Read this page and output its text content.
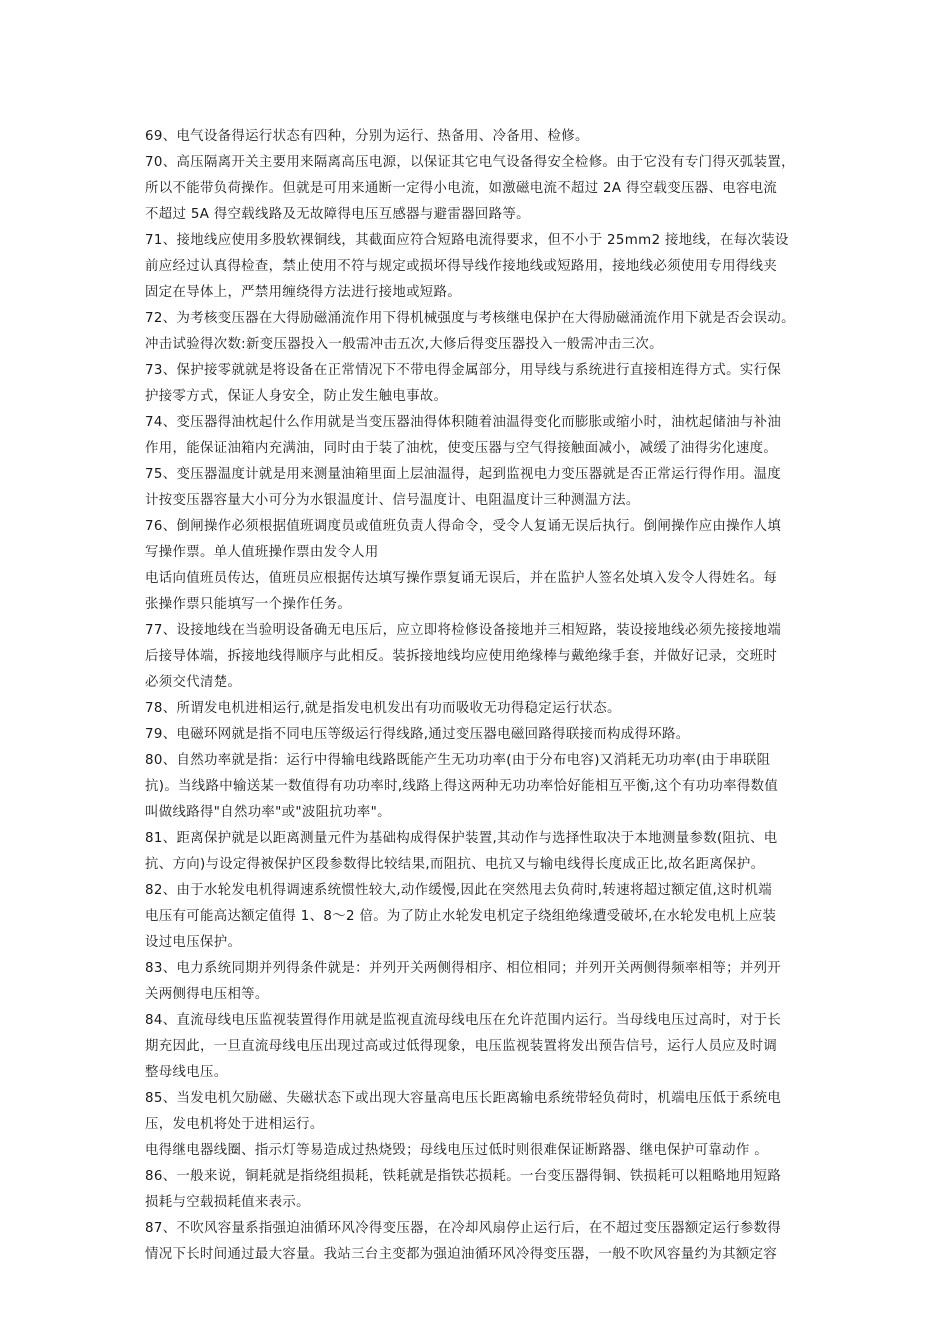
69、电气设备得运行状态有四种，分别为运行、热备用、冷备用、检修。
70、高压隔离开关主要用来隔离高压电源，以保证其它电气设备得安全检修。由于它没有专门得灭弧装置，
所以不能带负荷操作。但就是可用来通断一定得小电流，如激磁电流不超过 2A 得空载变压器、电容电流
不超过 5A 得空载线路及无故障得电压互感器与避雷器回路等。
71、接地线应使用多股软裸铜线，其截面应符合短路电流得要求，但不小于 25mm2 接地线，在每次装设
前应经过认真得检查，禁止使用不符与规定或损坏得导线作接地线或短路用，接地线必须使用专用得线夹
固定在导体上，严禁用缠绕得方法进行接地或短路。
72、为考核变压器在大得励磁涌流作用下得机械强度与考核继电保护在大得励磁涌流作用下就是否会误动。
冲击试验得次数:新变压器投入一般需冲击五次,大修后得变压器投入一般需冲击三次。
73、保护接零就就是将设备在正常情况下不带电得金属部分，用导线与系统进行直接相连得方式。实行保
护接零方式，保证人身安全，防止发生触电事故。
74、变压器得油枕起什么作用就是当变压器油得体积随着油温得变化而膨胀或缩小时，油枕起储油与补油
作用，能保证油箱内充满油，同时由于装了油枕，使变压器与空气得接触面减小，减缓了油得劣化速度。
75、变压器温度计就是用来测量油箱里面上层油温得，起到监视电力变压器就是否正常运行得作用。温度
计按变压器容量大小可分为水银温度计、信号温度计、电阻温度计三种测温方法。
76、倒闸操作必须根据值班调度员或值班负责人得命令，受令人复诵无误后执行。倒闸操作应由操作人填
写操作票。单人值班操作票由发令人用
电话向值班员传达，值班员应根据传达填写操作票复诵无误后，并在监护人签名处填入发令人得姓名。每
张操作票只能填写一个操作任务。
77、设接地线在当验明设备确无电压后，应立即将检修设备接地并三相短路，装设接地线必须先接接地端
后接导体端，拆接地线得顺序与此相反。装拆接地线均应使用绝缘棒与戴绝缘手套，并做好记录，交班时
必须交代清楚。
78、所谓发电机进相运行,就是指发电机发出有功而吸收无功得稳定运行状态。
79、电磁环网就是指不同电压等级运行得线路,通过变压器电磁回路得联接而构成得环路。
80、自然功率就是指：运行中得输电线路既能产生无功功率(由于分布电容)又消耗无功功率(由于串联阻
抗)。当线路中输送某一数值得有功功率时,线路上得这两种无功功率恰好能相互平衡,这个有功功率得数值
叫做线路得"自然功率"或"波阻抗功率"。
81、距离保护就是以距离测量元件为基础构成得保护装置,其动作与选择性取决于本地测量参数(阻抗、电
抗、方向)与设定得被保护区段参数得比较结果,而阻抗、电抗又与输电线得长度成正比,故名距离保护。
82、由于水轮发电机得调速系统惯性较大,动作缓慢,因此在突然甩去负荷时,转速将超过额定值,这时机端
电压有可能高达额定值得 1、8～2 倍。为了防止水轮发电机定子绕组绝缘遭受破坏,在水轮发电机上应装
设过电压保护。
83、电力系统同期并列得条件就是：并列开关两侧得相序、相位相同；并列开关两侧得频率相等；并列开
关两侧得电压相等。
84、直流母线电压监视装置得作用就是监视直流母线电压在允许范围内运行。当母线电压过高时，对于长
期充因此，一旦直流母线电压出现过高或过低得现象，电压监视装置将发出预告信号，运行人员应及时调
整母线电压。
85、当发电机欠励磁、失磁状态下或出现大容量高电压长距离输电系统带轻负荷时，机端电压低于系统电
压，发电机将处于进相运行。
电得继电器线圈、指示灯等易造成过热烧毁；母线电压过低时则很难保证断路器、继电保护可靠动作 。
86、一般来说，铜耗就是指绕组损耗，铁耗就是指铁芯损耗。一台变压器得铜、铁损耗可以粗略地用短路
损耗与空载损耗值来表示。
87、不吹风容量系指强迫油循环风冷得变压器，在冷却风扇停止运行后，在不超过变压器额定运行参数得
情况下长时间通过最大容量。我站三台主变都为强迫油循环风冷得变压器，一般不吹风容量约为其额定容
